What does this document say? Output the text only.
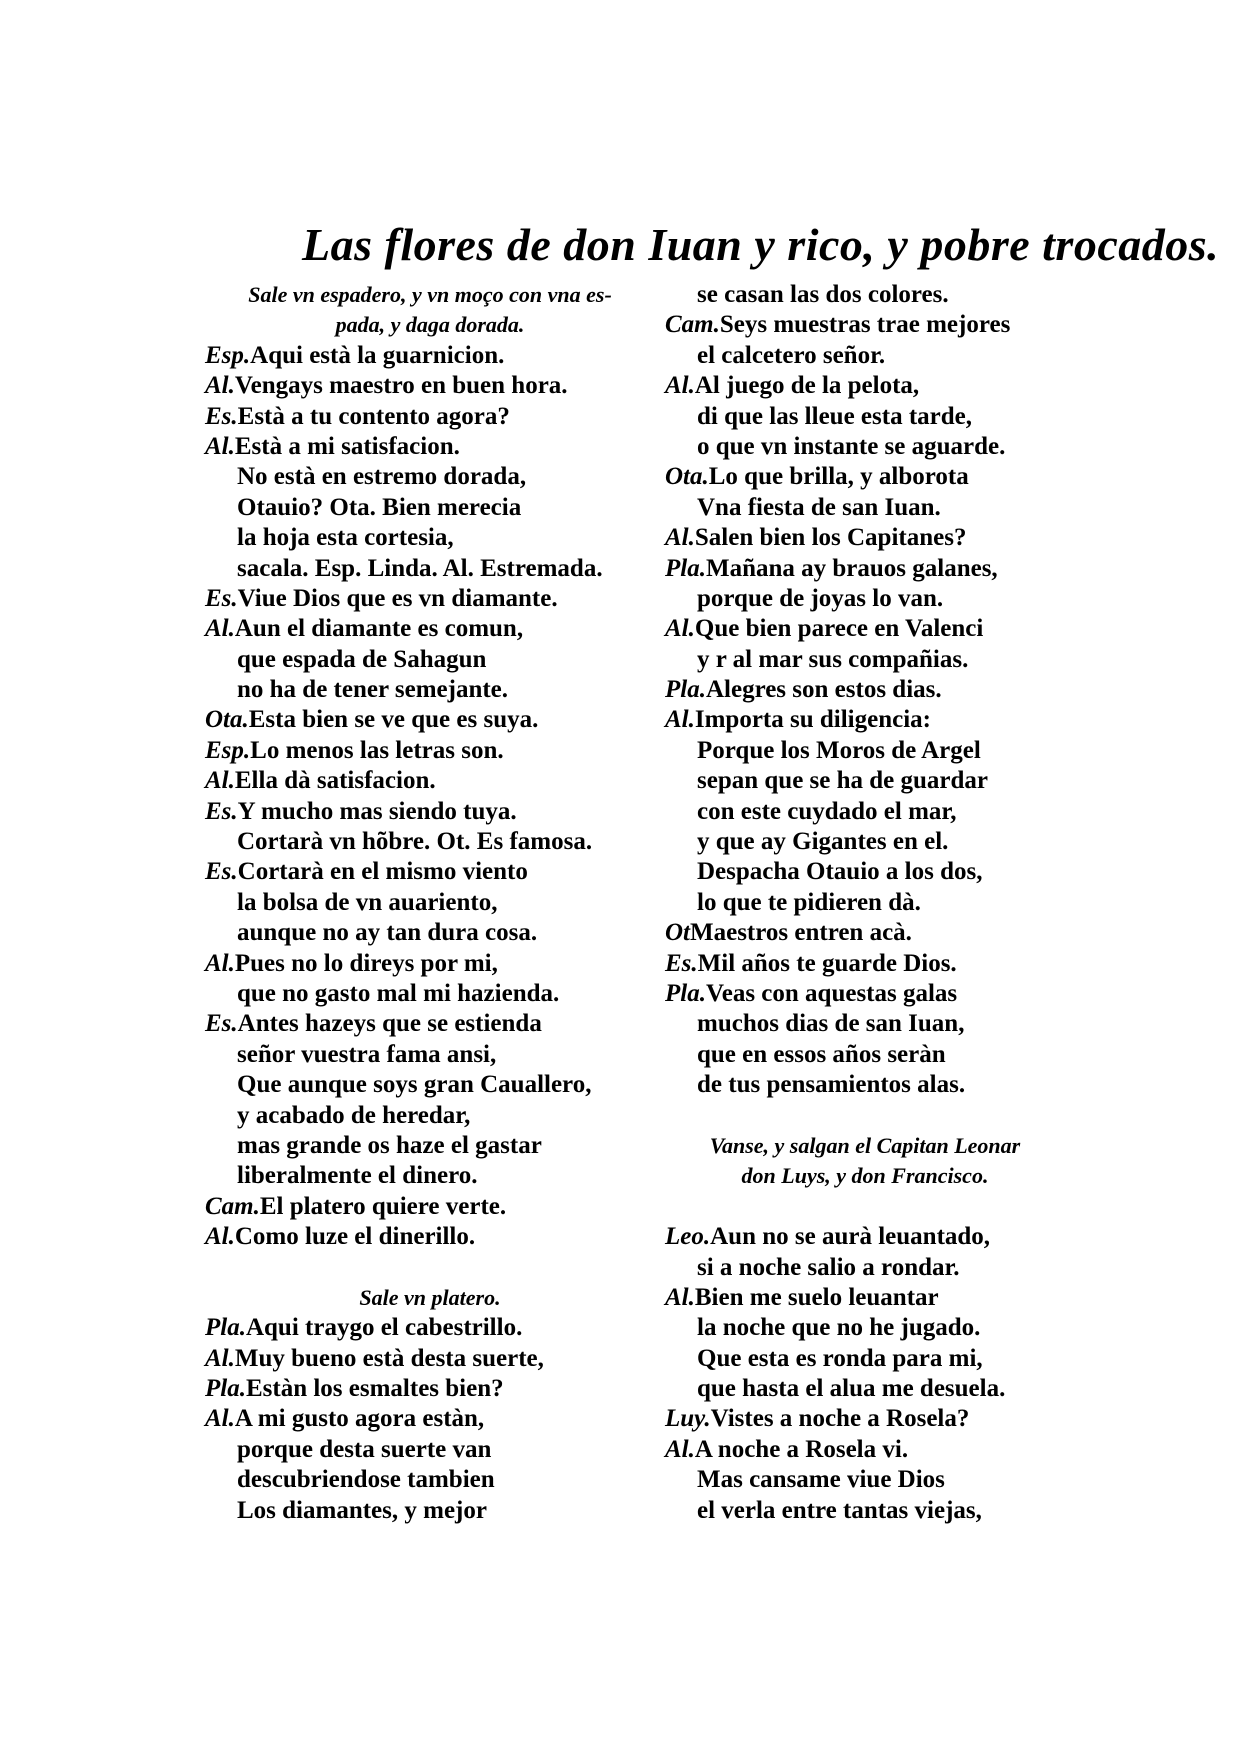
Las flores de don Iuan y rico, y pobre trocados.
Sale vn espadero, y vn moço con vna es-
pada, y daga dorada.
Esp.Aqui està la guarnicion.
Al.Vengays maestro en buen hora.
Es.Està a tu contento agora?
Al.Està a mi satisfacion.
No està en estremo dorada,
Otauio? Ota. Bien merecia
la hoja esta cortesia,
sacala. Esp. Linda. Al. Estremada.
Es.Viue Dios que es vn diamante.
Al.Aun el diamante es comun,
que espada de Sahagun
no ha de tener semejante.
Ota.Esta bien se ve que es suya.
Esp.Lo menos las letras son.
Al.Ella dà satisfacion.
Es.Y mucho mas siendo tuya.
Cortarà vn hõbre. Ot. Es famosa.
Es.Cortarà en el mismo viento
la bolsa de vn auariento,
aunque no ay tan dura cosa.
Al.Pues no lo direys por mi,
que no gasto mal mi hazienda.
Es.Antes hazeys que se estienda
señor vuestra fama ansi,
Que aunque soys gran Cauallero,
y acabado de heredar,
mas grande os haze el gastar
liberalmente el dinero.
Cam.El platero quiere verte.
Al.Como luze el dinerillo.
Sale vn platero.
Pla.Aqui traygo el cabestrillo.
Al.Muy bueno està desta suerte,
Pla.Estàn los esmaltes bien?
Al.A mi gusto agora estàn,
porque desta suerte van
descubriendose tambien
Los diamantes, y mejor
se casan las dos colores.
Cam.Seys muestras trae mejores
el calcetero señor.
Al.Al juego de la pelota,
di que las lleue esta tarde,
o que vn instante se aguarde.
Ota.Lo que brilla, y alborota
Vna fiesta de san Iuan.
Al.Salen bien los Capitanes?
Pla.Mañana ay brauos galanes,
porque de joyas lo van.
Al.Que bien parece en Valenci
y r al mar sus compañias.
Pla.Alegres son estos dias.
Al.Importa su diligencia:
Porque los Moros de Argel
sepan que se ha de guardar
con este cuydado el mar,
y que ay Gigantes en el.
Despacha Otauio a los dos,
lo que te pidieren dà.
OtMaestros entren acà.
Es.Mil años te guarde Dios.
Pla.Veas con aquestas galas
muchos dias de san Iuan,
que en essos años seràn
de tus pensamientos alas.
Vanse, y salgan el Capitan Leonar
don Luys, y don Francisco.
Leo.Aun no se aurà leuantado,
si a noche salio a rondar.
Al.Bien me suelo leuantar
la noche que no he jugado.
Que esta es ronda para mi,
que hasta el alua me desuela.
Luy.Vistes a noche a Rosela?
Al.A noche a Rosela vi.
Mas cansame viue Dios
el verla entre tantas viejas,
